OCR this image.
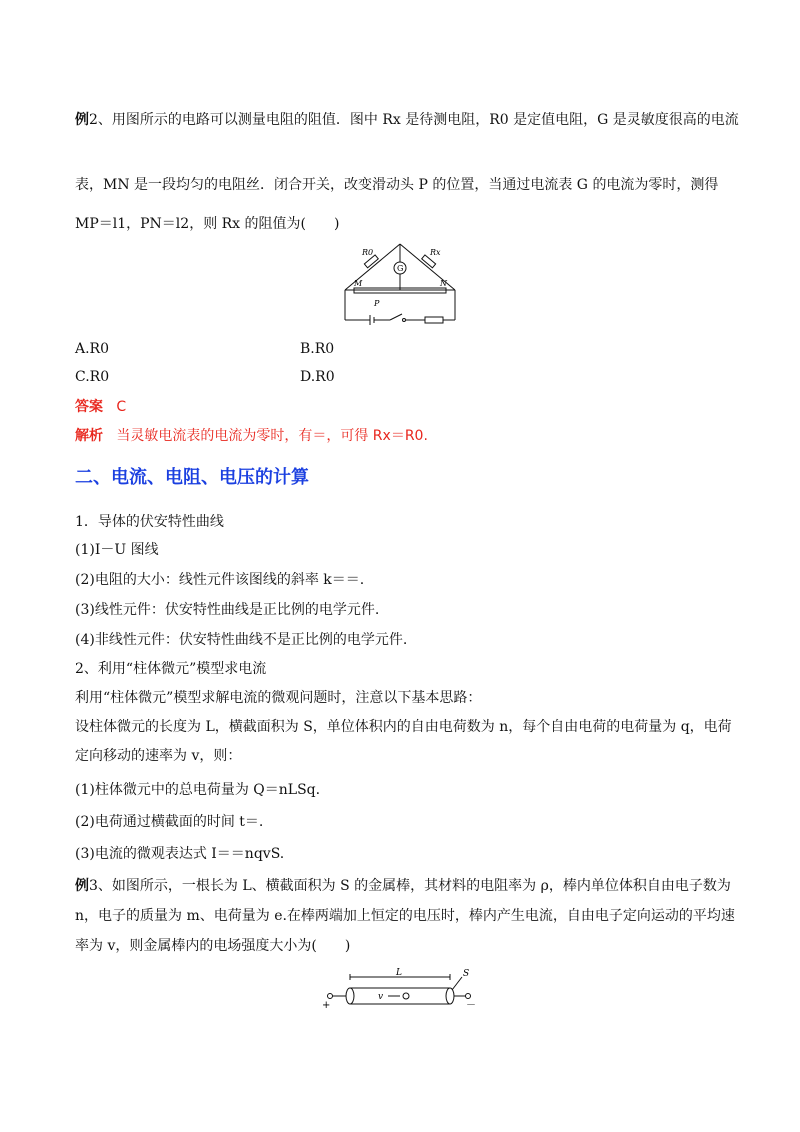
例2、用图所示的电路可以测量电阻的阻值．图中 Rx 是待测电阻，R0 是定值电阻，G 是灵敏度很高的电流
表，MN 是一段均匀的电阻丝．闭合开关，改变滑动头 P 的位置，当通过电流表 G 的电流为零时，测得
MP＝l1，PN＝l2，则 Rx 的阻值为(　　)
G
R0	Rx
M	N
P
A.R0	B.R0
C.R0	D.R0
答案 C
解析 当灵敏电流表的电流为零时，有＝，可得 Rx＝R0.
二、电流、电阻、电压的计算
1．导体的伏安特性曲线
(1)I－U 图线
(2)电阻的大小：线性元件该图线的斜率 k＝＝.
(3)线性元件：伏安特性曲线是正比例的电学元件.
(4)非线性元件：伏安特性曲线不是正比例的电学元件.
2、利用“柱体微元”模型求电流
利用“柱体微元”模型求解电流的微观问题时，注意以下基本思路：
设柱体微元的长度为 L，横截面积为 S，单位体积内的自由电荷数为 n，每个自由电荷的电荷量为 q，电荷
定向移动的速率为 v，则：
(1)柱体微元中的总电荷量为 Q＝nLSq.
(2)电荷通过横截面的时间 t＝.
(3)电流的微观表达式 I＝＝nqvS.
例3、如图所示，一根长为 L、横截面积为 S 的金属棒，其材料的电阻率为 ρ，棒内单位体积自由电子数为
n，电子的质量为 m、电荷量为 e.在棒两端加上恒定的电压时，棒内产生电流，自由电子定向运动的平均速
率为 v，则金属棒内的电场强度大小为(　　)
L	S
v
+	－
